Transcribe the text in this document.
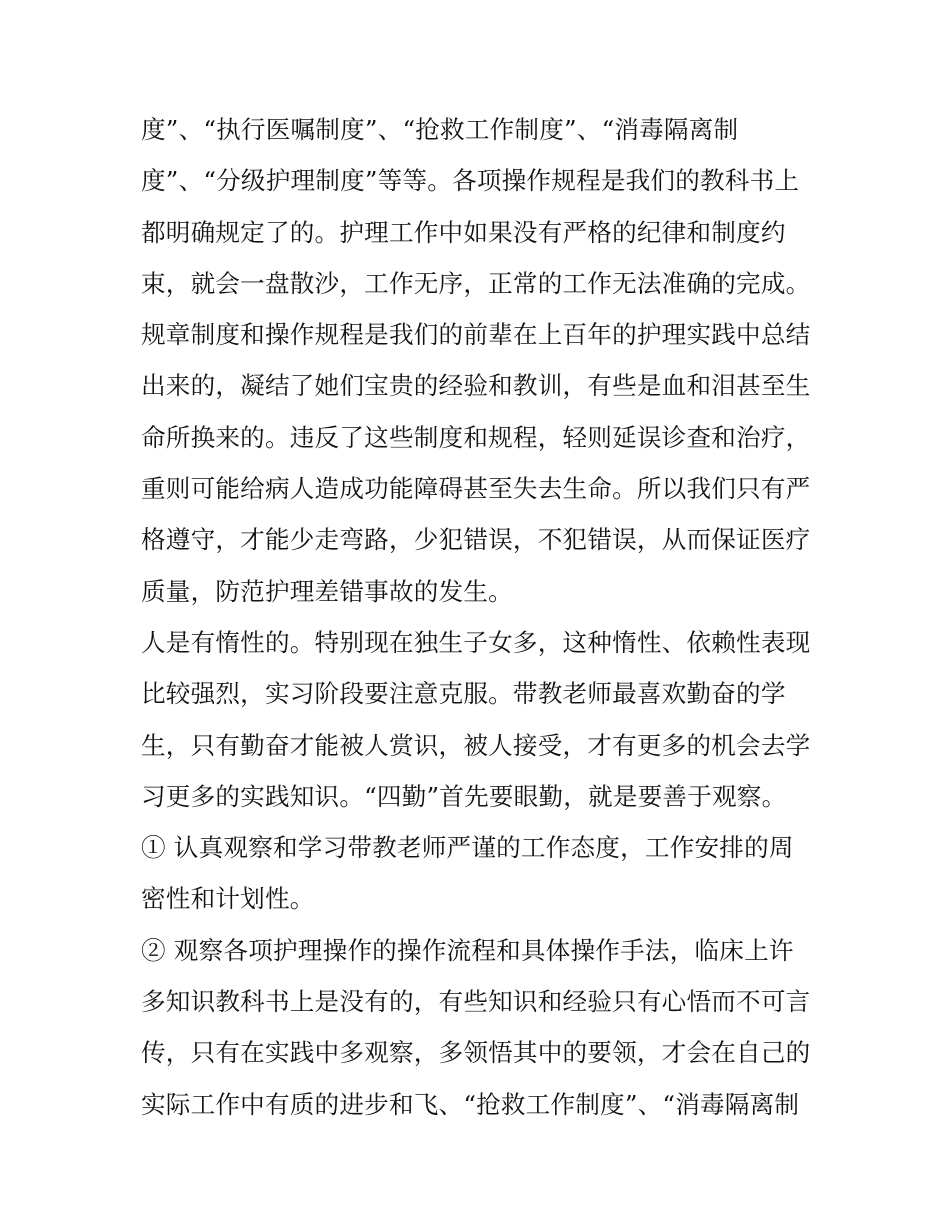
度”、“执行医嘱制度”、“抢救工作制度”、“消毒隔离制
度”、“分级护理制度”等等。各项操作规程是我们的教科书上
都明确规定了的。护理工作中如果没有严格的纪律和制度约
束，就会一盘散沙，工作无序，正常的工作无法准确的完成。
规章制度和操作规程是我们的前辈在上百年的护理实践中总结
出来的，凝结了她们宝贵的经验和教训，有些是血和泪甚至生
命所换来的。违反了这些制度和规程，轻则延误诊查和治疗，
重则可能给病人造成功能障碍甚至失去生命。所以我们只有严
格遵守，才能少走弯路，少犯错误，不犯错误，从而保证医疗
质量，防范护理差错事故的发生。
人是有惰性的。特别现在独生子女多，这种惰性、依赖性表现
比较强烈，实习阶段要注意克服。带教老师最喜欢勤奋的学
生，只有勤奋才能被人赏识，被人接受，才有更多的机会去学
习更多的实践知识。“四勤”首先要眼勤，就是要善于观察。
① 认真观察和学习带教老师严谨的工作态度，工作安排的周
密性和计划性。
② 观察各项护理操作的操作流程和具体操作手法，临床上许
多知识教科书上是没有的，有些知识和经验只有心悟而不可言
传，只有在实践中多观察，多领悟其中的要领，才会在自己的
实际工作中有质的进步和飞、“抢救工作制度”、“消毒隔离制
